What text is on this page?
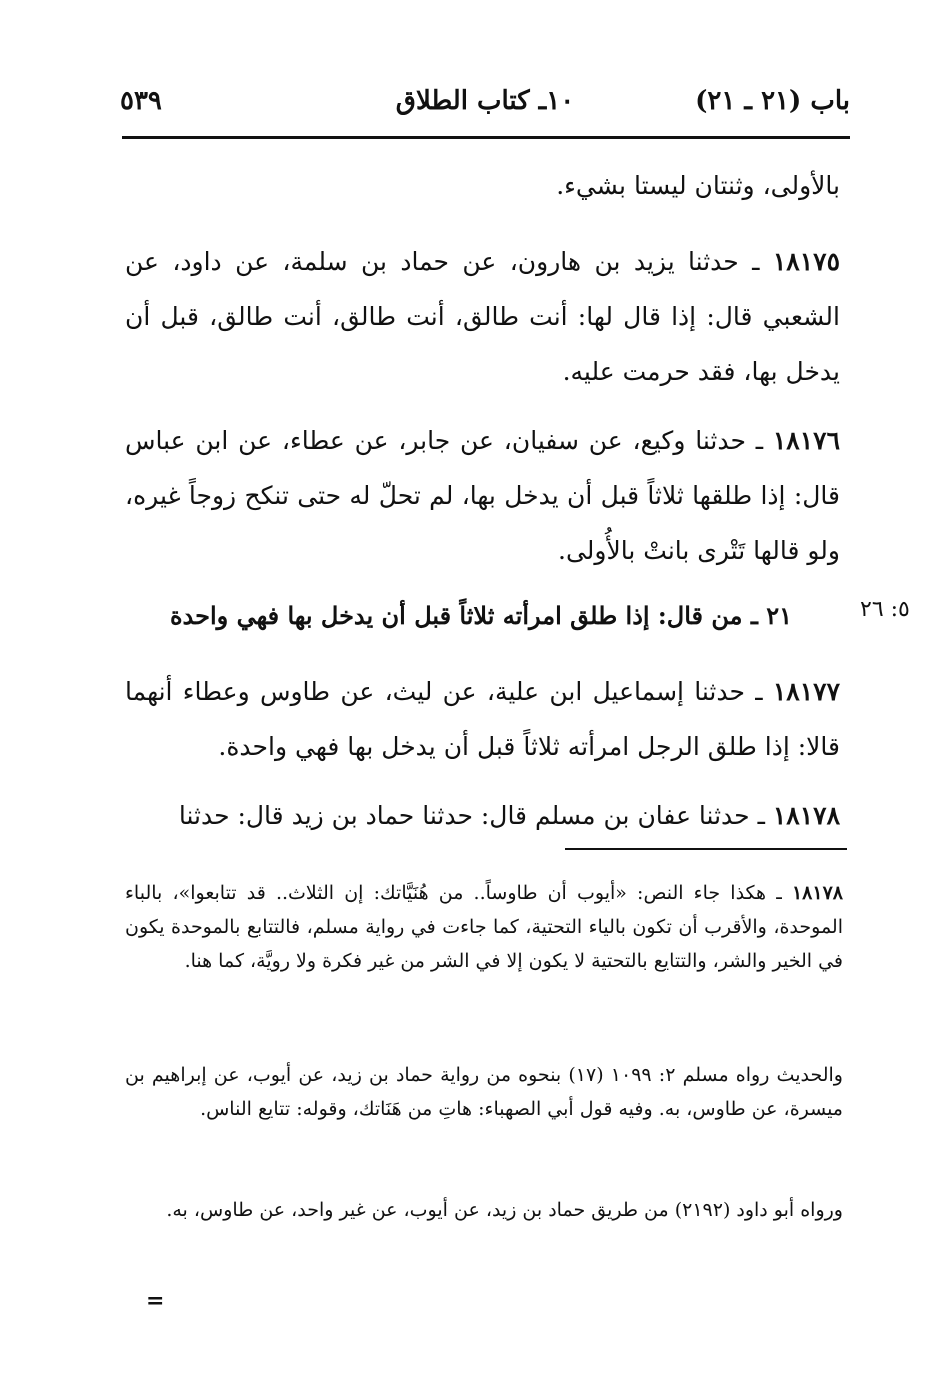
باب (٢١ ـ ٢١)
١٠ـ كتاب الطلاق
٥٣٩
بالأولى، وثنتان ليستا بشيء.
١٨١٧٥ ـ حدثنا يزيد بن هارون، عن حماد بن سلمة، عن داود، عن الشعبي قال: إذا قال لها: أنت طالق، أنت طالق، أنت طالق، قبل أن يدخل بها، فقد حرمت عليه.
١٨١٧٦ ـ حدثنا وكيع، عن سفيان، عن جابر، عن عطاء، عن ابن عباس قال: إذا طلقها ثلاثاً قبل أن يدخل بها، لم تحلّ له حتى تنكح زوجاً غيره، ولو قالها تَتْرى بانتْ بالأُولى.
٥: ٢٦
٢١ ـ من قال: إذا طلق امرأته ثلاثاً قبل أن يدخل بها فهي واحدة
١٨١٧٧ ـ حدثنا إسماعيل ابن علية، عن ليث، عن طاوس وعطاء أنهما قالا: إذا طلق الرجل امرأته ثلاثاً قبل أن يدخل بها فهي واحدة.
١٨١٧٨ ـ حدثنا عفان بن مسلم قال: حدثنا حماد بن زيد قال: حدثنا
١٨١٧٨ ـ هكذا جاء النص: «أيوب أن طاوساً.. من هُنَيَّاتك: إن الثلاث.. قد تتابعوا»، بالباء الموحدة، والأقرب أن تكون بالياء التحتية، كما جاءت في رواية مسلم، فالتتابع بالموحدة يكون في الخير والشر، والتتايع بالتحتية لا يكون إلا في الشر من غير فكرة ولا رويَّة، كما هنا.
والحديث رواه مسلم ٢: ١٠٩٩ (١٧) بنحوه من رواية حماد بن زيد، عن أيوب، عن إبراهيم بن ميسرة، عن طاوس، به. وفيه قول أبي الصهباء: هاتِ من هَنَاتك، وقوله: تتايع الناس.
ورواه أبو داود (٢١٩٢) من طريق حماد بن زيد، عن أيوب، عن غير واحد، عن طاوس، به.
=
